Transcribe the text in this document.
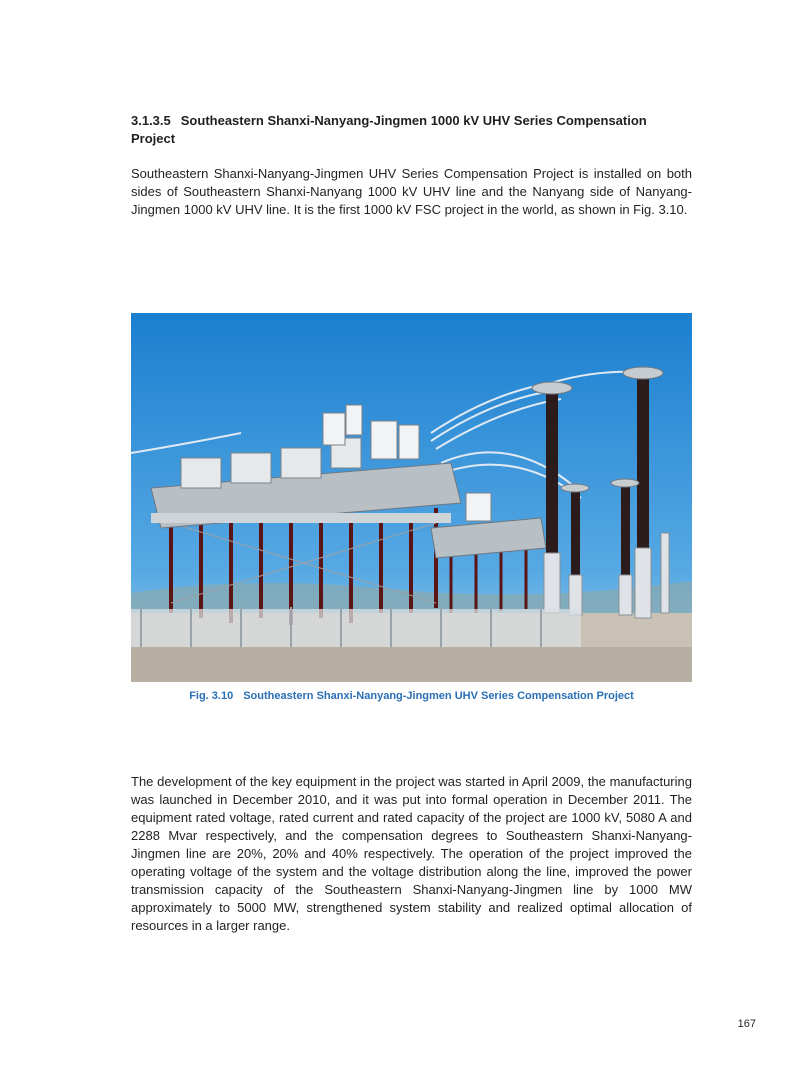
3.1.3.5 Southeastern Shanxi-Nanyang-Jingmen 1000 kV UHV Series Compensation Project

Southeastern Shanxi-Nanyang-Jingmen UHV Series Compensation Project is installed on both sides of Southeastern Shanxi-Nanyang 1000 kV UHV line and the Nanyang side of Nanyang-Jingmen 1000 kV UHV line. It is the first 1000 kV FSC project in the world, as shown in Fig. 3.10.

Fig. 3.10 Southeastern Shanxi-Nanyang-Jingmen UHV Series Compensation Project

The development of the key equipment in the project was started in April 2009, the manufacturing was launched in December 2010, and it was put into formal operation in December 2011. The equipment rated voltage, rated current and rated capacity of the project are 1000 kV, 5080 A and 2288 Mvar respectively, and the compensation degrees to Southeastern Shanxi-Nanyang-Jingmen line are 20%, 20% and 40% respectively. The operation of the project improved the operating voltage of the system and the voltage distribution along the line, improved the power transmission capacity of the Southeastern Shanxi-Nanyang-Jingmen line by 1000 MW approximately to 5000 MW, strengthened system stability and realized optimal allocation of resources in a larger range.

167
